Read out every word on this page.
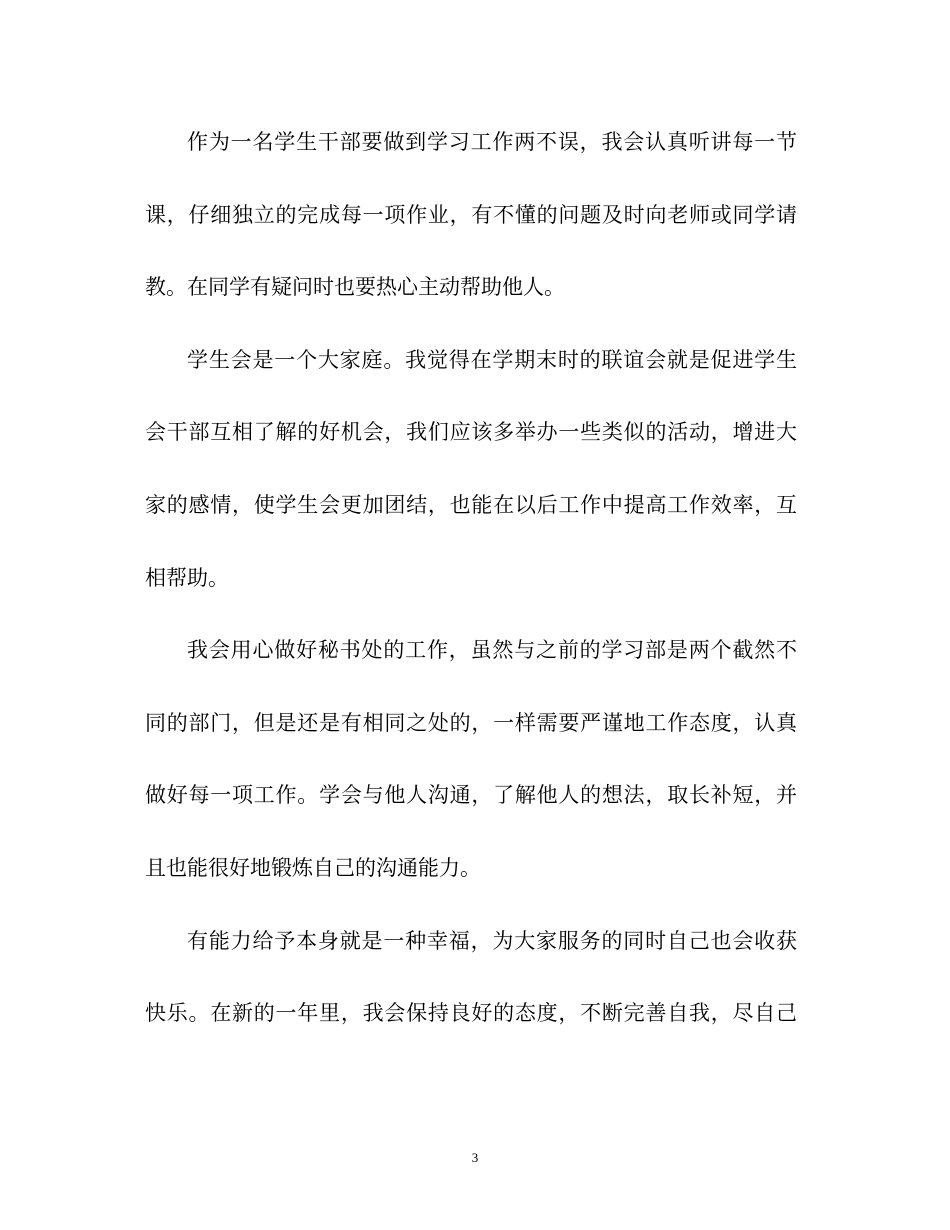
作为一名学生干部要做到学习工作两不误，我会认真听讲每一节
课，仔细独立的完成每一项作业，有不懂的问题及时向老师或同学请
教。在同学有疑问时也要热心主动帮助他人。
学生会是一个大家庭。我觉得在学期末时的联谊会就是促进学生
会干部互相了解的好机会，我们应该多举办一些类似的活动，增进大
家的感情，使学生会更加团结，也能在以后工作中提高工作效率，互
相帮助。
我会用心做好秘书处的工作，虽然与之前的学习部是两个截然不
同的部门，但是还是有相同之处的，一样需要严谨地工作态度，认真
做好每一项工作。学会与他人沟通，了解他人的想法，取长补短，并
且也能很好地锻炼自己的沟通能力。
有能力给予本身就是一种幸福，为大家服务的同时自己也会收获
快乐。在新的一年里，我会保持良好的态度，不断完善自我，尽自己
3
